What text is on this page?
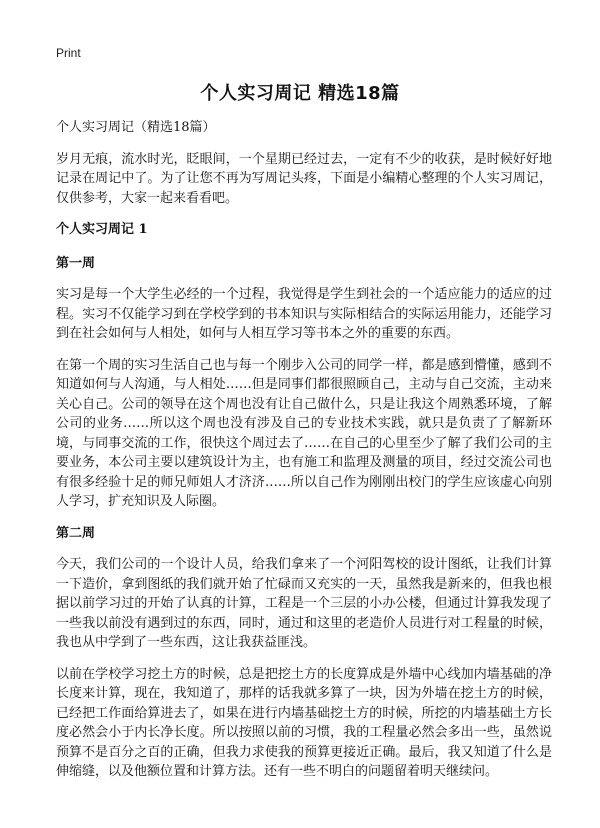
Print
个人实习周记 精选18篇

个人实习周记（精选18篇）

岁月无痕，流水时光，眨眼间，一个星期已经过去，一定有不少的收获，是时候好好地记录在周记中了。为了让您不再为写周记头疼，下面是小编精心整理的个人实习周记，仅供参考，大家一起来看看吧。

个人实习周记 1
第一周

实习是每一个大学生必经的一个过程，我觉得是学生到社会的一个适应能力的适应的过程。实习不仅能学习到在学校学到的书本知识与实际相结合的实际运用能力，还能学习到在社会如何与人相处，如何与人相互学习等书本之外的重要的东西。

在第一个周的实习生活自己也与每一个刚步入公司的同学一样，都是感到懵懂，感到不知道如何与人沟通，与人相处……但是同事们都很照顾自己，主动与自己交流，主动来关心自己。公司的领导在这个周也没有让自己做什么，只是让我这个周熟悉环境，了解公司的业务……所以这个周也没有涉及自己的专业技术实践，就只是负责了了解新环境，与同事交流的工作，很快这个周过去了……在自己的心里至少了解了我们公司的主要业务，本公司主要以建筑设计为主，也有施工和监理及测量的项目，经过交流公司也有很多经验十足的师兄师姐人才济济……所以自己作为刚刚出校门的学生应该虚心向别人学习，扩充知识及人际圈。

第二周

今天，我们公司的一个设计人员，给我们拿来了一个河阳驾校的设计图纸，让我们计算一下造价，拿到图纸的我们就开始了忙碌而又充实的一天，虽然我是新来的，但我也根据以前学习过的开始了认真的计算，工程是一个三层的小办公楼，但通过计算我发现了一些我以前没有遇到过的东西，同时，通过和这里的老造价人员进行对工程量的时候，我也从中学到了一些东西，这让我获益匪浅。

以前在学校学习挖土方的时候，总是把挖土方的长度算成是外墙中心线加内墙基础的净长度来计算，现在，我知道了，那样的话我就多算了一块，因为外墙在挖土方的时候，已经把工作面给算进去了，如果在进行内墙基础挖土方的时候，所挖的内墙基础土方长度必然会小于内长净长度。所以按照以前的习惯，我的工程量必然会多出一些，虽然说预算不是百分之百的正确，但我力求使我的预算更接近正确。最后，我又知道了什么是伸缩缝，以及他额位置和计算方法。还有一些不明白的问题留着明天继续问。
